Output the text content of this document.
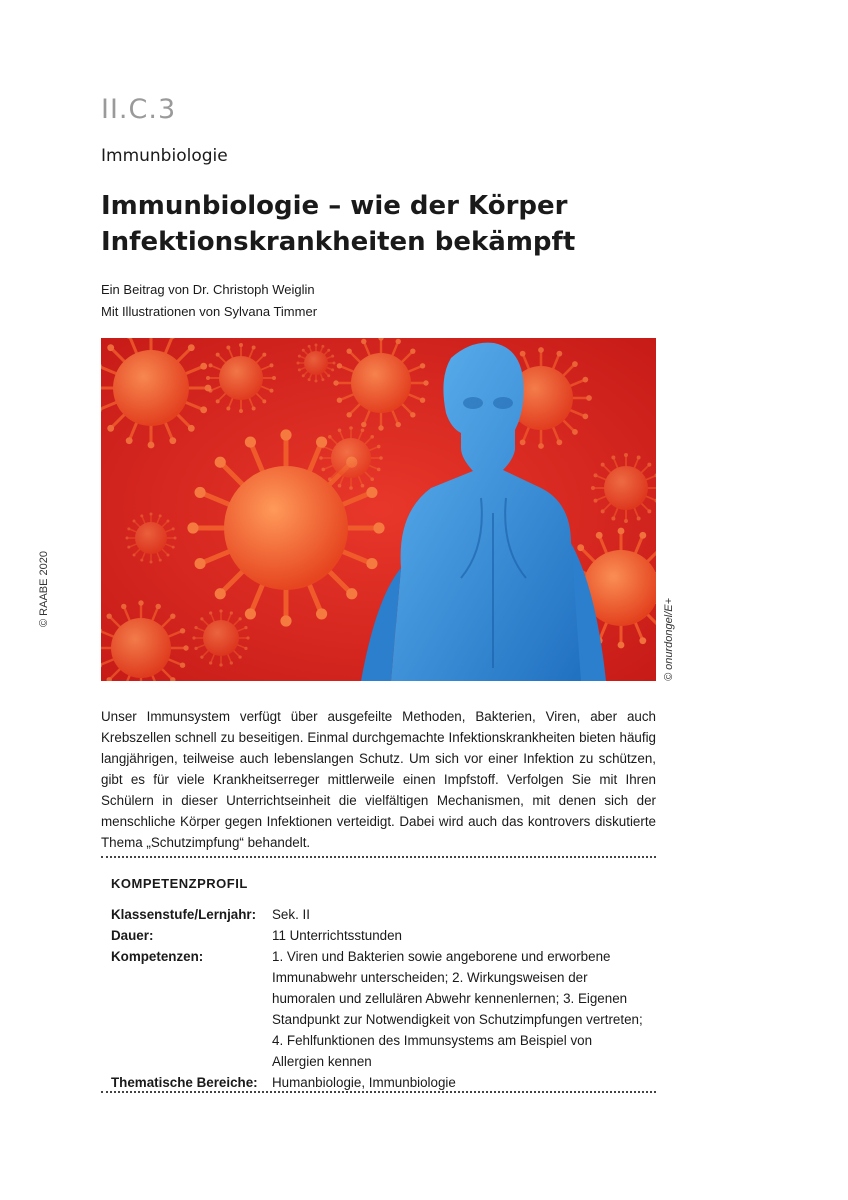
II.C.3
Immunbiologie
Immunbiologie – wie der Körper
Infektionskrankheiten bekämpft
Ein Beitrag von Dr. Christoph Weiglin
Mit Illustrationen von Sylvana Timmer
© RAABE 2020
© onurdongel/E+

Unser Immunsystem verfügt über ausgefeilte Methoden, Bakterien, Viren, aber auch Krebszellen schnell zu beseitigen. Einmal durchgemachte Infektionskrankheiten bieten häufig langjährigen, teilweise auch lebenslangen Schutz. Um sich vor einer Infektion zu schützen, gibt es für viele Krankheitserreger mittlerweile einen Impfstoff. Verfolgen Sie mit Ihren Schülern in dieser Unterrichtseinheit die vielfältigen Mechanismen, mit denen sich der menschliche Körper gegen Infektionen verteidigt. Dabei wird auch das kontrovers diskutierte Thema „Schutzimpfung“ behandelt.

KOMPETENZPROFIL
Klassenstufe/Lernjahr:	Sek. II
Dauer:	11 Unterrichtsstunden
Kompetenzen:	1. Viren und Bakterien sowie angeborene und erworbene Immunabwehr unterscheiden; 2. Wirkungsweisen der humoralen und zellulären Abwehr kennenlernen; 3. Eigenen Standpunkt zur Notwendigkeit von Schutzimpfungen vertreten; 4. Fehlfunktionen des Immunsystems am Beispiel von Allergien kennen
Thematische Bereiche:	Humanbiologie, Immunbiologie
